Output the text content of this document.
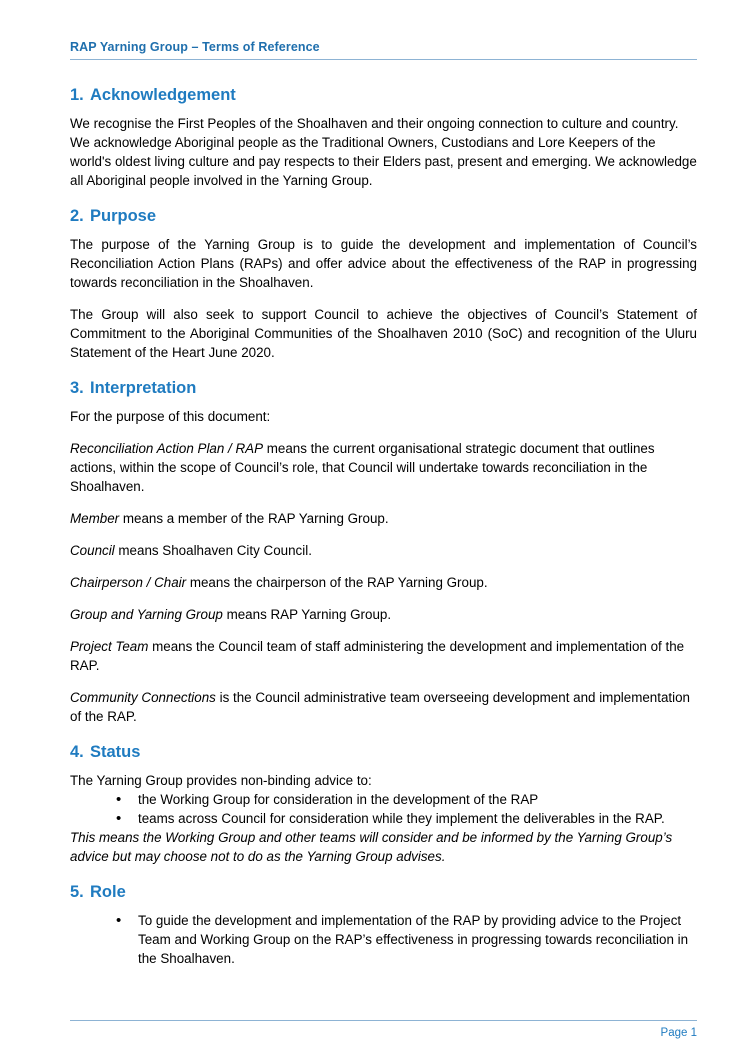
RAP Yarning Group – Terms of Reference
1. Acknowledgement

We recognise the First Peoples of the Shoalhaven and their ongoing connection to culture and country. We acknowledge Aboriginal people as the Traditional Owners, Custodians and Lore Keepers of the world's oldest living culture and pay respects to their Elders past, present and emerging. We acknowledge all Aboriginal people involved in the Yarning Group.

2. Purpose

The purpose of the Yarning Group is to guide the development and implementation of Council’s Reconciliation Action Plans (RAPs) and offer advice about the effectiveness of the RAP in progressing towards reconciliation in the Shoalhaven.

The Group will also seek to support Council to achieve the objectives of Council’s Statement of Commitment to the Aboriginal Communities of the Shoalhaven 2010 (SoC) and recognition of the Uluru Statement of the Heart June 2020.

3. Interpretation

For the purpose of this document:

Reconciliation Action Plan / RAP means the current organisational strategic document that outlines actions, within the scope of Council’s role, that Council will undertake towards reconciliation in the Shoalhaven.

Member means a member of the RAP Yarning Group.

Council means Shoalhaven City Council.

Chairperson / Chair means the chairperson of the RAP Yarning Group.

Group and Yarning Group means RAP Yarning Group.

Project Team means the Council team of staff administering the development and implementation of the RAP.

Community Connections is the Council administrative team overseeing development and implementation of the RAP.

4. Status

The Yarning Group provides non-binding advice to:

• the Working Group for consideration in the development of the RAP
• teams across Council for consideration while they implement the deliverables in the RAP.

This means the Working Group and other teams will consider and be informed by the Yarning Group’s advice but may choose not to do as the Yarning Group advises.

5. Role
• To guide the development and implementation of the RAP by providing advice to the Project Team and Working Group on the RAP’s effectiveness in progressing towards reconciliation in the Shoalhaven.
Page 1
